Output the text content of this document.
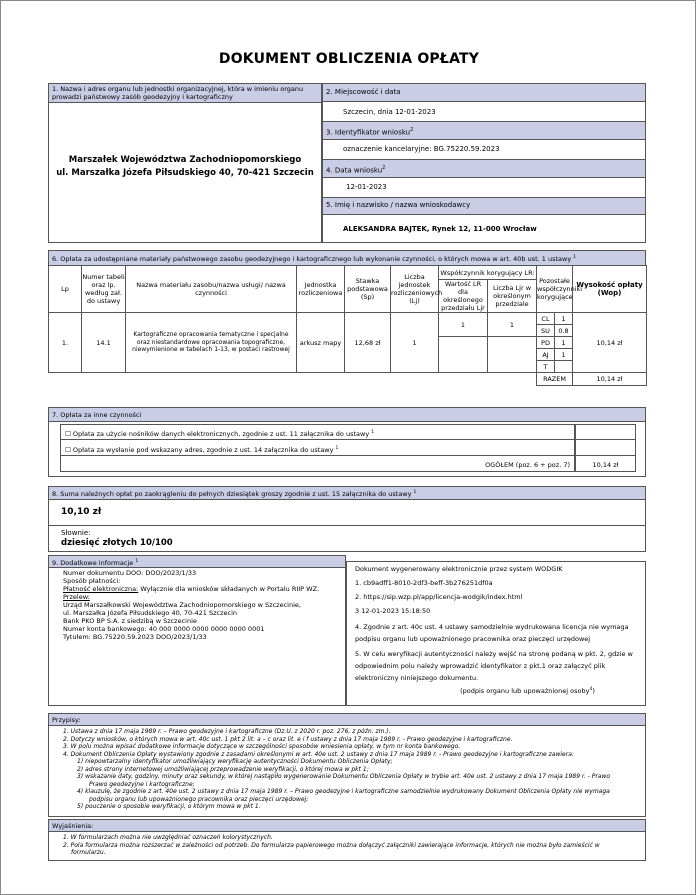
DOKUMENT OBLICZENIA OPŁATY
1. Nazwa i adres organu lub jednostki organizacyjnej, która w imieniu organu prowadzi państwowy zasób geodezyjny i kartograficzny
Marszałek Województwa Zachodniopomorskiego
ul. Marszałka Józefa Piłsudskiego 40, 70-421 Szczecin
2. Miejscowość i data
Szczecin, dnia 12-01-2023
3. Identyfikator wniosku$^2$
oznaczenie kancelaryjne: BG.75220.59.2023
4. Data wniosku$^2$
12-01-2023
5. Imię i nazwisko / nazwa wnioskodawcy
ALEKSANDRA BAJTEK, Rynek 12, 11-000 Wrocław
6. Opłata za udostępniane materiały państwowego zasobu geodezyjnego i kartograficznego lub wykonanie czynności, o których mowa w art. 40b ust. 1 ustawy $^1$
Lp	Numer tabeli oraz lp. według zał. do ustawy	Nazwa materiału zasobu/nazwa usługi/ nazwa czynności	Jednostka rozliczeniowa	Stawka podstawowa (Sp)	Liczba jednostek rozliczeniowych (Lj)	Współczynnik korygujący LR:		Pozostałe współczynniki korygujące		Wysokość opłaty (Wop)
						Wartość LR dla określonego przedziału Ljr	Liczba Ljr w określonym przedziale			
1.	14.1	Kartograficzne opracowania tematyczne i specjalne oraz niestandardowe opracowania topograficzne, niewymienione w tabelach 1-13, w postaci rastrowej	arkusz mapy	12,68 zł	1	1	1	CL	1	10,14 zł
								SU	0.8	
								PD	1	
								AJ	1	
								T		
								RAZEM		10,14 zł
7. Opłata za inne czynności
☐ Opłata za użycie nośników danych elektronicznych, zgodnie z ust. 11 załącznika do ustawy $^1$
☐ Opłata za wysłanie pod wskazany adres, zgodnie z ust. 14 załącznika do ustawy $^1$
OGÓŁEM (poz. 6 + poz. 7)	10,14 zł
8. Suma należnych opłat po zaokrągleniu do pełnych dziesiątek groszy zgodnie z ust. 15 załącznika do ustawy $^1$
10,10 zł
Słownie:
dziesięć złotych 10/100
9. Dodatkowe informacje $^1$
Numer dokumentu DOO: DOO/2023/1/33
Sposób płatności:
Płatność elektroniczna: Wyłącznie dla wniosków składanych w Portalu RIIP WZ.
Przelew:
Urząd Marszałkowski Województwa Zachodniopomorskiego w Szczecinie,
ul. Marszałka Józefa Piłsudskiego 40, 70-421 Szczecin
Bank PKO BP S.A. z siedzibą w Szczecinie
Numer konta bankowego: 40 000 0000 0000 0000 0000 0001
Tytułem: BG.75220.59.2023 DOO/2023/1/33
Dokument wygenerowany elektronicznie przez system WODGIK
1. cb9adff1-8010-2df3-beff-3b276251df0a
2. https://sip.wzp.pl/app/licencja-wodgik/index.html
3 12-01-2023 15:18:50
4. Zgodnie z art. 40c ust. 4 ustawy samodzielnie wydrukowana licencja nie wymaga podpisu organu lub upoważnionego pracownika oraz pieczęci urzędowej
5. W celu weryfikacji autentyczności należy wejść na stronę podaną w pkt. 2, gdzie w odpowiednim polu należy wprowadzić identyfikator z pkt.1 oraz załączyć plik elektroniczny niniejszego dokumentu.
(podpis organu lub upoważnionej osoby$^4$)
Przypisy:
1. Ustawa z dnia 17 maja 1989 r. – Prawo geodezyjne i kartograficzne (Dz.U. z 2020 r. poz. 276, z późn. zm.).
2. Dotyczy wniosków, o których mowa w art. 40c ust. 1 pkt 2 lit. a – c oraz lit. e i f ustawy z dnia 17 maja 1989 r. - Prawo geodezyjne i kartograficzne.
3. W polu można wpisać dodatkowe informacje dotyczące w szczególności sposobów wniesienia opłaty, w tym nr konta bankowego.
4. Dokument Obliczenia Opłaty wystawiony zgodnie z zasadami określonymi w art. 40e ust. 2 ustawy z dnia 17 maja 1989 r. - Prawo geodezyjne i kartograficzne zawiera:
1) niepowtarzalny identyfikator umożliwiający weryfikację autentyczności Dokumentu Obliczenia Opłaty;
2) adres strony internetowej umożliwiającej przeprowadzenie weryfikacji, o której mowa w pkt 1;
3) wskazanie daty, godziny, minuty oraz sekundy, w której nastąpiło wygenerowanie Dokumentu Obliczenia Opłaty w trybie art. 40e ust. 2 ustawy z dnia 17 maja 1989 r. - Prawo
Prawo geodezyjne i kartograficzne;
4) klauzulę, że zgodnie z art. 40e ust. 2 ustawy z dnia 17 maja 1989 r. – Prawo geodezyjne i kartograficzne samodzielnie wydrukowany Dokument Obliczenia Opłaty nie wymaga
podpisu organu lub upoważnionego pracownika oraz pieczęci urzędowej;
5) pouczenie o sposobie weryfikacji, o którym mowa w pkt 1.
Wyjaśnienia:
1. W formularzach można nie uwzględniać oznaczeń kolorystycznych.
2. Pola formularza można rozszerzać w zależności od potrzeb. Do formularza papierowego można dołączyć załączniki zawierające informacje, których nie można było zamieścić w
formularzu.
